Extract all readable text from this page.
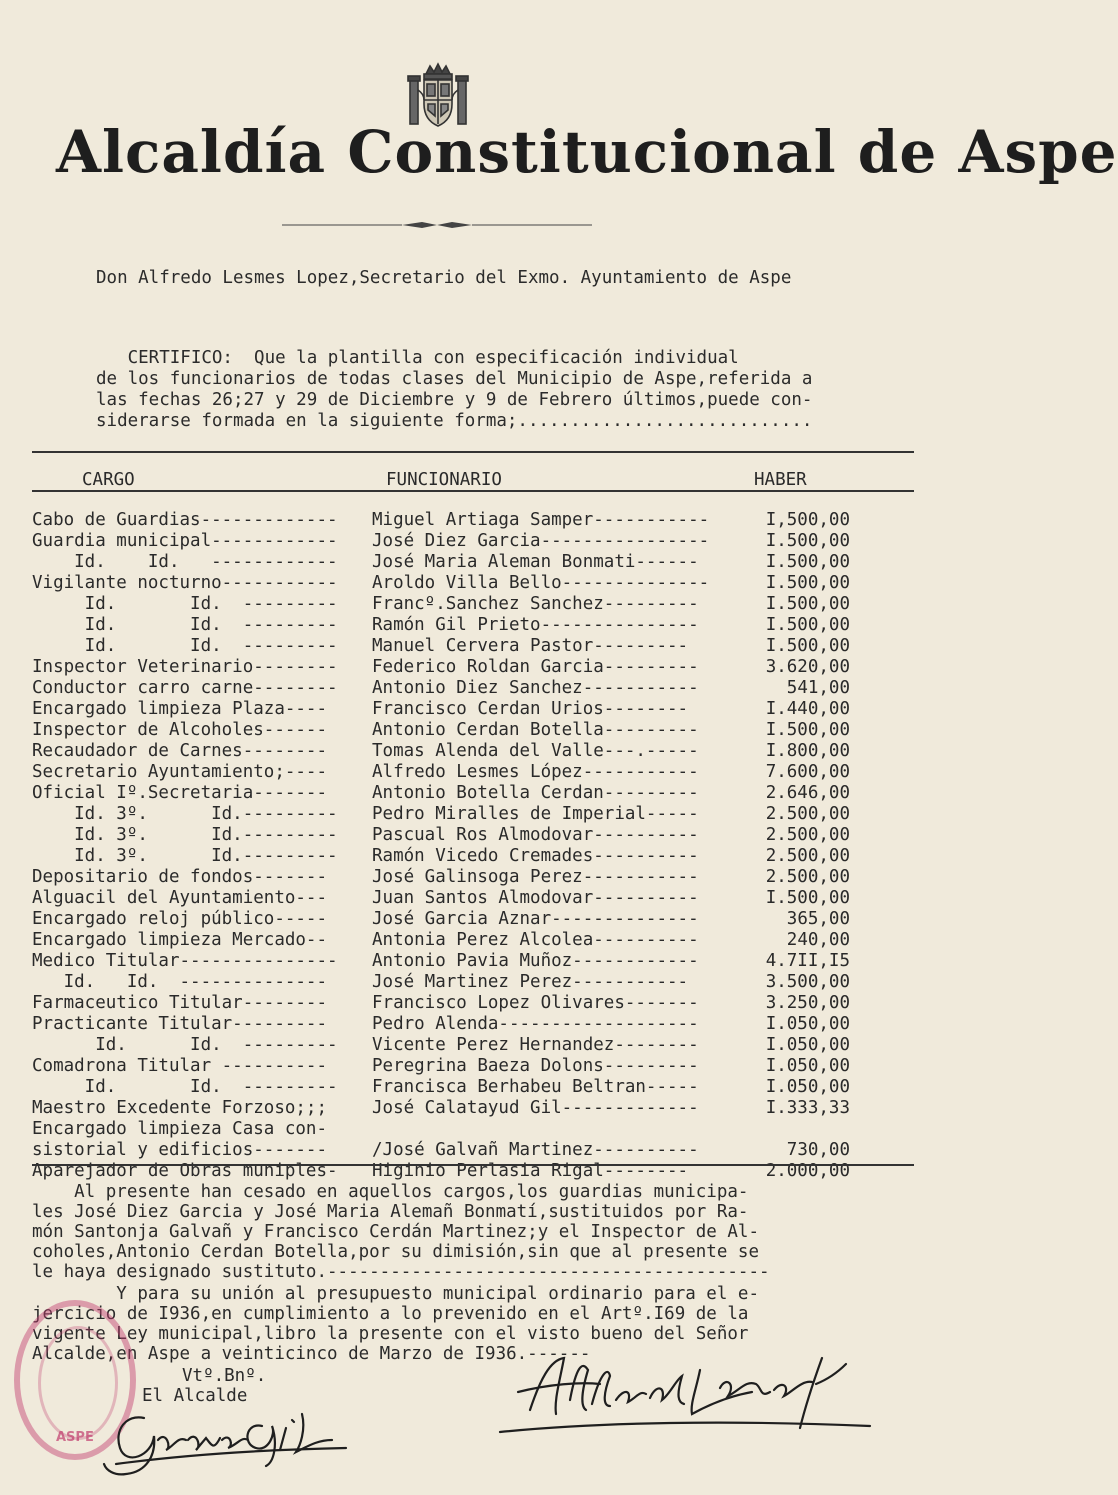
Alcaldía Constitucional de Aspe
Don Alfredo Lesmes Lopez,Secretario del Exmo. Ayuntamiento de Aspe
CERTIFICO:  Que la plantilla con especificación individual
de los funcionarios de todas clases del Municipio de Aspe,referida a
las fechas 26;27 y 29 de Diciembre y 9 de Febrero últimos,puede con-
siderarse formada en la siguiente forma;............................
CARGO	FUNCIONARIO	HABER
Cabo de Guardias------------- Miguel Artiaga Samper-----------	I,500,00
Guardia municipal------------ José Diez Garcia----------------	I.500,00
Id.    Id.   ------------ José Maria Aleman Bonmati------	I.500,00
Vigilante nocturno----------- Aroldo Villa Bello--------------	I.500,00
Id.       Id.  --------- Francº.Sanchez Sanchez---------	I.500,00
Id.       Id.  --------- Ramón Gil Prieto---------------	I.500,00
Id.       Id.  --------- Manuel Cervera Pastor---------	I.500,00
Inspector Veterinario-------- Federico Roldan Garcia---------	3.620,00
Conductor carro carne-------- Antonio Diez Sanchez-----------	541,00
Encargado limpieza Plaza----	Francisco Cerdan Urios--------	I.440,00
Inspector de Alcoholes------	Antonio Cerdan Botella---------	I.500,00
Recaudador de Carnes--------	Tomas Alenda del Valle---.-----	I.800,00
Secretario Ayuntamiento;----	Alfredo Lesmes López-----------	7.600,00
Oficial Iº.Secretaria-------	Antonio Botella Cerdan---------	2.646,00
Id. 3º.      Id.--------- Pedro Miralles de Imperial-----	2.500,00
Id. 3º.      Id.--------- Pascual Ros Almodovar----------	2.500,00
Id. 3º.      Id.--------- Ramón Vicedo Cremades----------	2.500,00
Depositario de fondos-------	José Galinsoga Perez-----------	2.500,00
Alguacil del Ayuntamiento---	Juan Santos Almodovar----------	I.500,00
Encargado reloj público-----	José Garcia Aznar--------------	365,00
Encargado limpieza Mercado--	Antonia Perez Alcolea----------	240,00
Medico Titular--------------- Antonio Pavia Muñoz------------	4.7II,I5
Id.   Id.  --------------	José Martinez Perez-----------	3.500,00
Farmaceutico Titular--------	Francisco Lopez Olivares-------	3.250,00
Practicante Titular---------	Pedro Alenda-------------------	I.050,00
Id.      Id.  --------- Vicente Perez Hernandez--------	I.050,00
Comadrona Titular ----------	Peregrina Baeza Dolons---------	I.050,00
Id.       Id.  --------- Francisca Berhabeu Beltran-----	I.050,00
Maestro Excedente Forzoso;;;	José Calatayud Gil-------------	I.333,33
Encargado limpieza Casa con-
sistorial y edificios-------	/José Galvañ Martinez----------	730,00
Aparejador de Obras muniples- Higinio Perlasia Rigal--------	2.000,00
Al presente han cesado en aquellos cargos,los guardias municipa-
les José Diez Garcia y José Maria Alemañ Bonmatí,sustituidos por Ra-
món Santonja Galvañ y Francisco Cerdán Martinez;y el Inspector de Al-
coholes,Antonio Cerdan Botella,por su dimisión,sin que al presente se
le haya designado sustituto.------------------------------------------
Y para su unión al presupuesto municipal ordinario para el e-
jercicio de I936,en cumplimiento a lo prevenido en el Artº.I69 de la
vigente Ley municipal,libro la presente con el visto bueno del Señor
Alcalde,en Aspe a veinticinco de Marzo de I936.------
Vtº.Bnº.
El Alcalde
ASPE
